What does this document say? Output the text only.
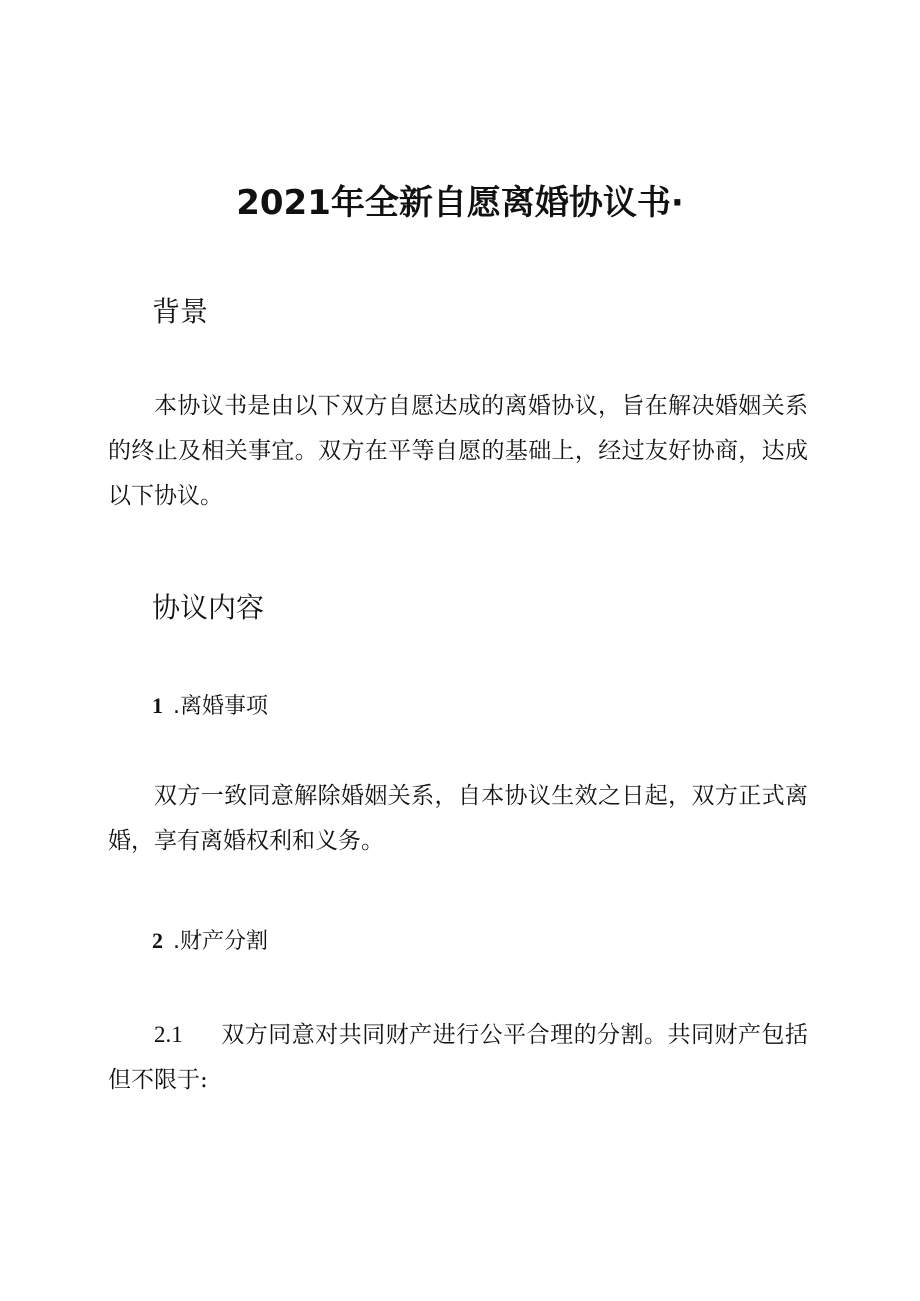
2021年全新自愿离婚协议书·
背景

本协议书是由以下双方自愿达成的离婚协议，旨在解决婚姻关系的终止及相关事宜。双方在平等自愿的基础上，经过友好协商，达成以下协议。

协议内容
1 .离婚事项

双方一致同意解除婚姻关系，自本协议生效之日起，双方正式离婚，享有离婚权利和义务。

2 .财产分割

2.1 双方同意对共同财产进行公平合理的分割。共同财产包括但不限于:
